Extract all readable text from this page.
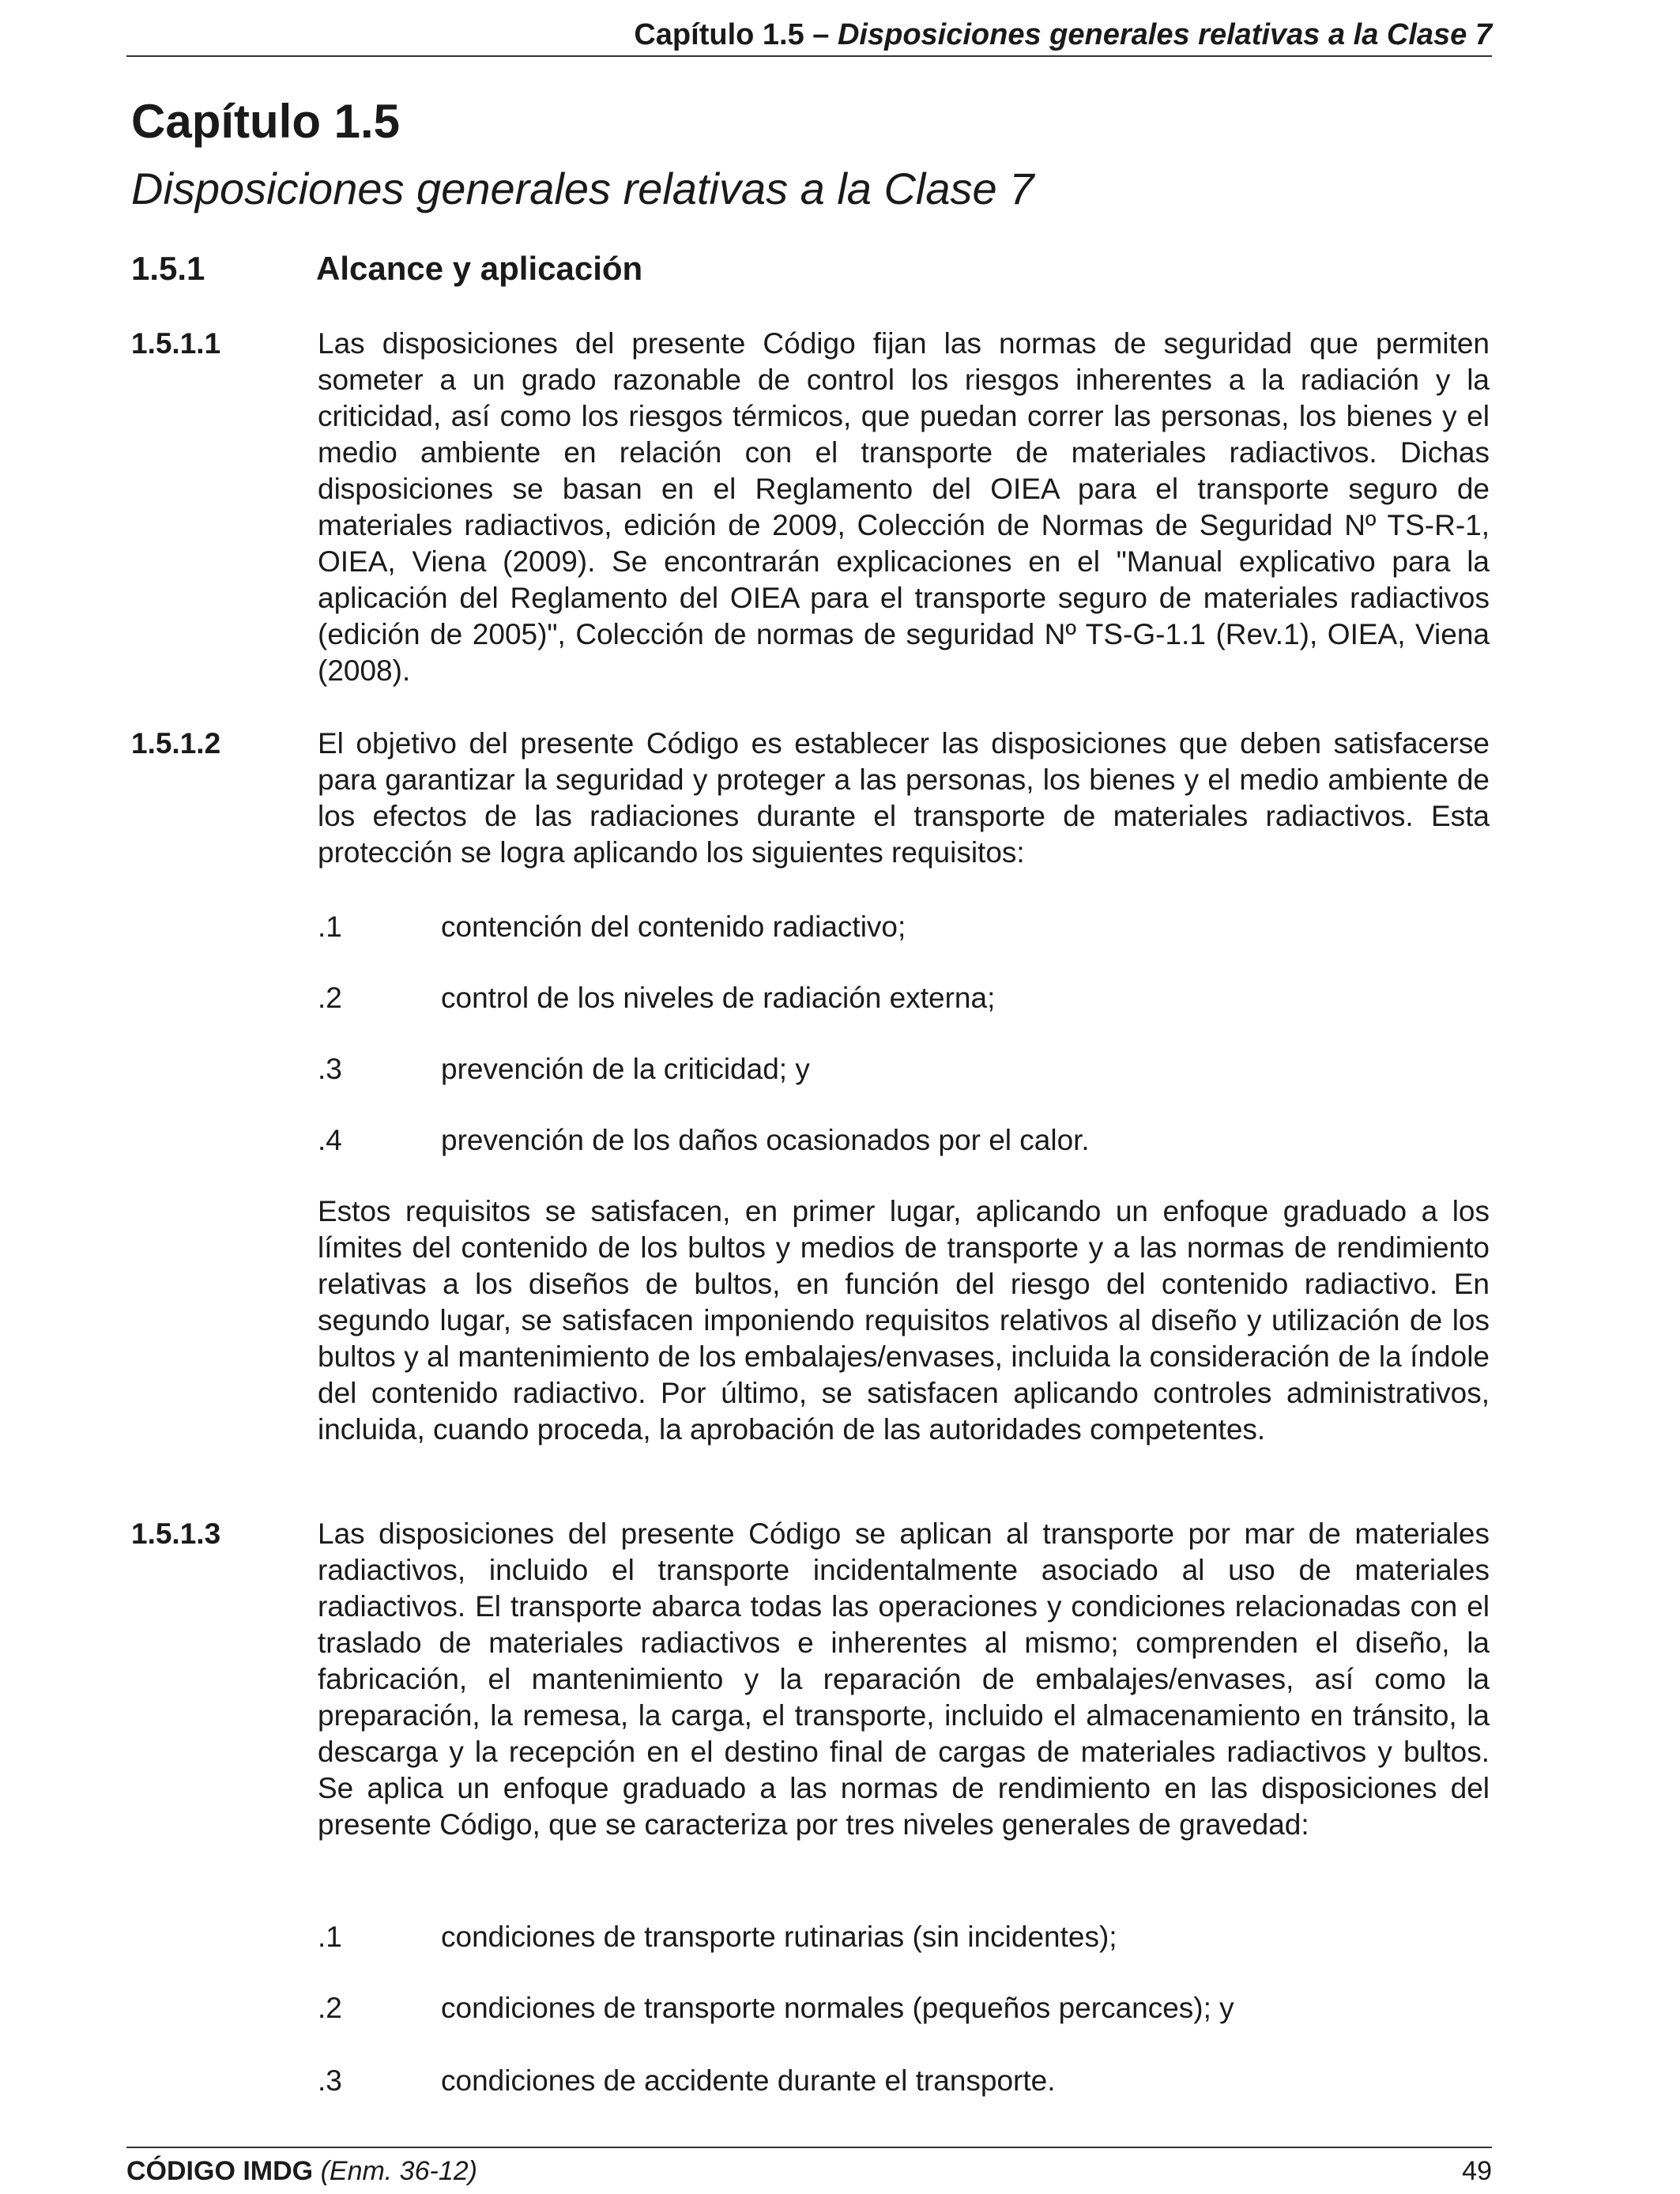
Capítulo 1.5 – Disposiciones generales relativas a la Clase 7
Capítulo 1.5
Disposiciones generales relativas a la Clase 7
1.5.1	Alcance y aplicación
1.5.1.1	Las disposiciones del presente Código fijan las normas de seguridad que permiten someter a un grado razonable de control los riesgos inherentes a la radiación y la criticidad, así como los riesgos térmicos, que puedan correr las personas, los bienes y el medio ambiente en relación con el transporte de materiales radiactivos. Dichas disposiciones se basan en el Reglamento del OIEA para el transporte seguro de materiales radiactivos, edición de 2009, Colección de Normas de Seguridad Nº TS-R-1, OIEA, Viena (2009). Se encontrarán explicaciones en el "Manual explicativo para la aplicación del Reglamento del OIEA para el transporte seguro de materiales radiactivos (edición de 2005)", Colección de normas de seguridad Nº TS-G-1.1 (Rev.1), OIEA, Viena (2008).
1.5.1.2	El objetivo del presente Código es establecer las disposiciones que deben satisfacerse para garantizar la seguridad y proteger a las personas, los bienes y el medio ambiente de los efectos de las radiaciones durante el transporte de materiales radiactivos. Esta protección se logra aplicando los siguientes requisitos:
.1	contención del contenido radiactivo;
.2	control de los niveles de radiación externa;
.3	prevención de la criticidad; y
.4	prevención de los daños ocasionados por el calor.
Estos requisitos se satisfacen, en primer lugar, aplicando un enfoque graduado a los límites del contenido de los bultos y medios de transporte y a las normas de rendimiento relativas a los diseños de bultos, en función del riesgo del contenido radiactivo. En segundo lugar, se satisfacen imponiendo requisitos relativos al diseño y utilización de los bultos y al mantenimiento de los embalajes/envases, incluida la consideración de la índole del contenido radiactivo. Por último, se satisfacen aplicando controles administrativos, incluida, cuando proceda, la aprobación de las autoridades competentes.
1.5.1.3	Las disposiciones del presente Código se aplican al transporte por mar de materiales radiactivos, incluido el transporte incidentalmente asociado al uso de materiales radiactivos. El transporte abarca todas las operaciones y condiciones relacionadas con el traslado de materiales radiactivos e inherentes al mismo; comprenden el diseño, la fabricación, el mantenimiento y la reparación de embalajes/envases, así como la preparación, la remesa, la carga, el transporte, incluido el almacenamiento en tránsito, la descarga y la recepción en el destino final de cargas de materiales radiactivos y bultos. Se aplica un enfoque graduado a las normas de rendimiento en las disposiciones del presente Código, que se caracteriza por tres niveles generales de gravedad:
.1	condiciones de transporte rutinarias (sin incidentes);
.2	condiciones de transporte normales (pequeños percances); y
.3	condiciones de accidente durante el transporte.
CÓDIGO IMDG (Enm. 36-12)	49
